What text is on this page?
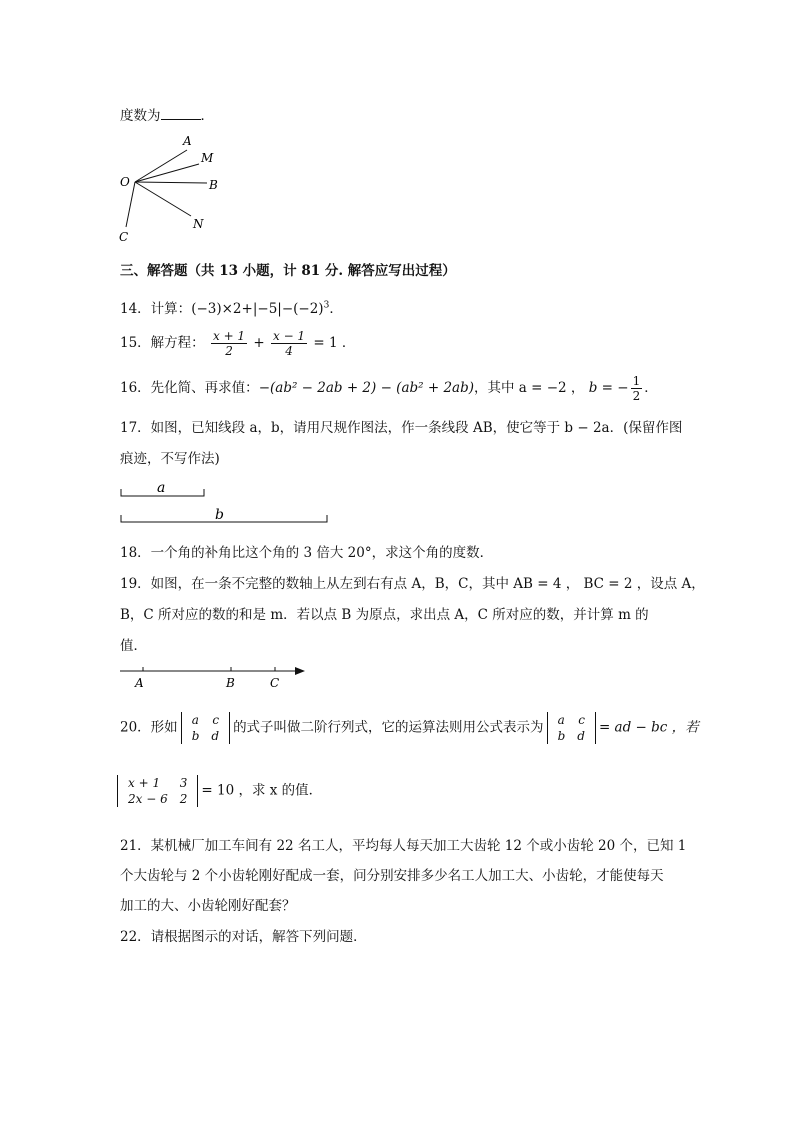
度数为	．
A
M
O	B
N
C
三、解答题（共 13 小题，计 81 分. 解答应写出过程）
14．计算：$(-3)\times 2+|-5|-(-2)^3$．
15．解方程： $\frac{x + 1}{2} + \frac{x - 1}{4} = 1$ ．
16．先化简、再求值：−(ab² − 2ab + 2) − (ab² + 2ab)，其中 a = −2 ， b = − $\frac{1}{2}$ ．
17．如图，已知线段 a，b，请用尺规作图法，作一条线段 AB，使它等于 b − 2a．(保留作图
痕迹，不写作法)
a
b
18．一个角的补角比这个角的 3 倍大 20°，求这个角的度数．
19．如图，在一条不完整的数轴上从左到右有点 A，B，C，其中 AB = 4 ， BC = 2 ，设点 A，
B，C 所对应的数的和是 m．若以点 B 为原点，求出点 A，C 所对应的数，并计算 m 的
值．
A	B	C
20．形如 a	c
b	d
的式子叫做二阶行列式，它的运算法则用公式表示为 a	c
b	d
= ad − bc ，若
x + 1	3
2x − 6	2
= 10 ，求 x 的值．
21．某机械厂加工车间有 22 名工人，平均每人每天加工大齿轮 12 个或小齿轮 20 个，已知 1
个大齿轮与 2 个小齿轮刚好配成一套，问分别安排多少名工人加工大、小齿轮，才能使每天
加工的大、小齿轮刚好配套？
22．请根据图示的对话，解答下列问题．
